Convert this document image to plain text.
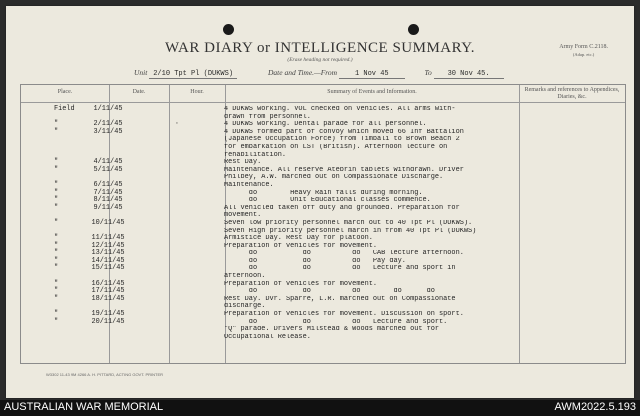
WAR DIARY or INTELLIGENCE SUMMARY.
(Erase heading not required.)
Army Form C.2118.
(Adap. etc.)
Unit 2/10 Tpt Pl (DUKWS)	Date and Time.—From	1 Nov 45	To 30 Nov 45.
Place.	Date.	Hour.	Summary of Events and Information.	Remarks and references to Appendices, Diaries, &c.
Field	1/11/45	4 DUKWS working. VOL checked on vehicles. All arms with-
drawn from personnel.
"	2/11/45	·	4 DUKWS working. Dental parade for all personnel.
"	3/11/45	4 DUKWS formed part of convoy which moved 66 Inf Battalion
(Japanese Occupation Force) from Timbali to Brown Beach 2
for embarkation on LST (British). Afternoon lecture on
rehabilitation.
"	4/11/45	Rest Day.
"	5/11/45	Maintenance. All reserve Atebrin tablets withdrawn. Driver
Philbey, A.W. marched out on Compassionate Discharge.
"	6/11/45	Maintenance.
"	7/11/45	do        Heavy Rain falls during morning.
"	8/11/45	do        Unit Educational classes commence.
"	9/11/45	All vehicled taken off duty and grounded. Preparation for
movement.
"	10/11/45	Seven low priority personnel march out to 40 Tpt Pl (DUKWS).
Seven High priority personnel march in from 40 Tpt Pl (DUKWS)
"	11/11/45	Armistice Day. Rest Day for platoon.
"	12/11/45	Preparation of vehicles for movement.
"	13/11/45	do           do          do   CAB lecture afternoon.
"	14/11/45	do           do          do   Pay day.
"	15/11/45	do           do          do   Lecture and sport in
afternoon.
"	16/11/45	Preparation of vehicles for movement.
"	17/11/45	do           do          do        do      do
"	18/11/45	Rest Day. Dvr. Sparre, L.R. marched out on Compassionate
discharge.
"	19/11/45	Preparation of vehicles for movement. Discussion on sport.
"	20/11/45	do           do          do   Lecture and sport.
"Q" parade. Drivers Milstead & Woods marched out for
Occupational Release.
W3302 11-43 9M 4266 A. H. PITTARD, ACTING GOVT. PRINTER
AUSTRALIAN WAR MEMORIAL	AWM2022.5.193
